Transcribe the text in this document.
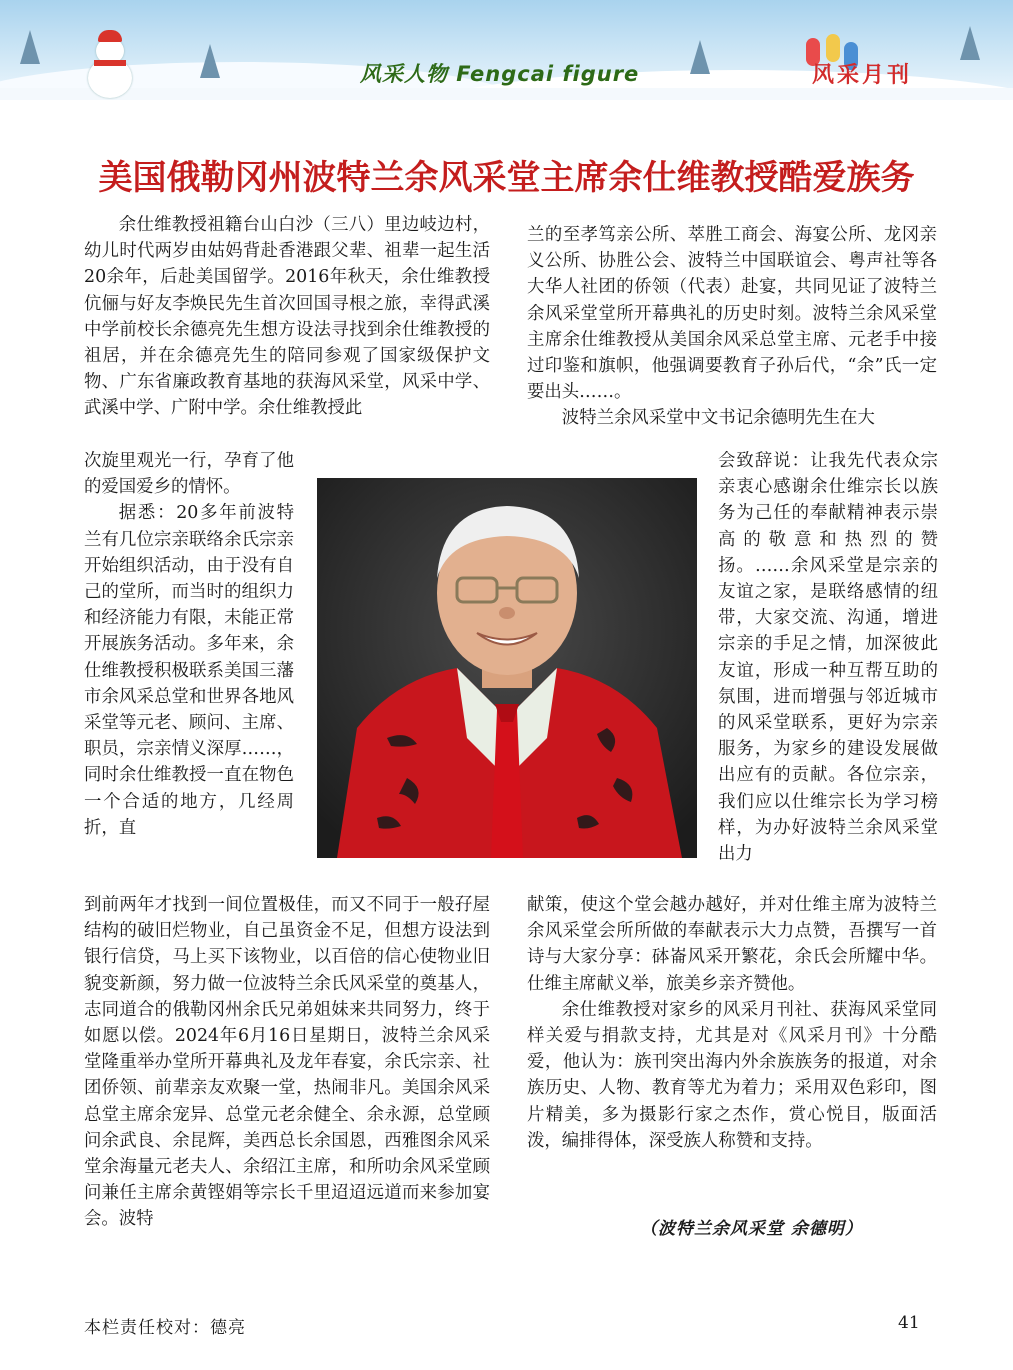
风采人物 Fengcai figure	风采月刊
美国俄勒冈州波特兰余风采堂主席余仕维教授酷爱族务

余仕维教授祖籍台山白沙（三八）里边岐边村，幼儿时代两岁由姑妈背赴香港跟父辈、祖辈一起生活20余年，后赴美国留学。2016年秋天，余仕维教授伉俪与好友李焕民先生首次回国寻根之旅，幸得武溪中学前校长余德亮先生想方设法寻找到余仕维教授的祖居，并在余德亮先生的陪同参观了国家级保护文物、广东省廉政教育基地的获海风采堂，风采中学、武溪中学、广附中学。余仕维教授此

次旋里观光一行，孕育了他的爱国爱乡的情怀。

据悉：20多年前波特兰有几位宗亲联络余氏宗亲开始组织活动，由于没有自己的堂所，而当时的组织力和经济能力有限，未能正常开展族务活动。多年来，余仕维教授积极联系美国三藩市余风采总堂和世界各地风采堂等元老、顾问、主席、职员，宗亲情义深厚……，同时余仕维教授一直在物色一个合适的地方，几经周折，直

到前两年才找到一间位置极佳，而又不同于一般孖屋结构的破旧烂物业，自己虽资金不足，但想方设法到银行信贷，马上买下该物业，以百倍的信心使物业旧貌变新颜，努力做一位波特兰余氏风采堂的奠基人，志同道合的俄勒冈州余氏兄弟姐妹来共同努力，终于如愿以偿。2024年6月16日星期日，波特兰余风采堂隆重举办堂所开幕典礼及龙年春宴，余氏宗亲、社团侨领、前辈亲友欢聚一堂，热闹非凡。美国余风采总堂主席余宠异、总堂元老余健全、余永源，总堂顾问余武良、余昆辉，美西总长余国恩，西雅图余风采堂余海量元老夫人、余绍江主席，和所叻余风采堂顾问兼任主席余黄铿娟等宗长千里迢迢远道而来参加宴会。波特

兰的至孝笃亲公所、萃胜工商会、海宴公所、龙冈亲义公所、协胜公会、波特兰中国联谊会、粤声社等各大华人社团的侨领（代表）赴宴，共同见证了波特兰余风采堂堂所开幕典礼的历史时刻。波特兰余风采堂主席余仕维教授从美国余风采总堂主席、元老手中接过印鉴和旗帜，他强调要教育子孙后代，“余”氏一定要出头……。

波特兰余风采堂中文书记余德明先生在大

会致辞说：让我先代表众宗亲衷心感谢余仕维宗长以族务为己任的奉献精神表示崇高的敬意和热烈的赞扬。……余风采堂是宗亲的友谊之家，是联络感情的纽带，大家交流、沟通，增进宗亲的手足之情，加深彼此友谊，形成一种互帮互助的氛围，进而增强与邻近城市的风采堂联系，更好为宗亲服务，为家乡的建设发展做出应有的贡献。各位宗亲，我们应以仕维宗长为学习榜样，为办好波特兰余风采堂出力

献策，使这个堂会越办越好，并对仕维主席为波特兰余风采堂会所所做的奉献表示大力点赞，吾撰写一首诗与大家分享：砵崙风采开繁花，余氏会所耀中华。仕维主席献义举，旅美乡亲齐赞他。

余仕维教授对家乡的风采月刊社、获海风采堂同样关爱与捐款支持，尤其是对《风采月刊》十分酷爱，他认为：族刊突出海内外余族族务的报道，对余族历史、人物、教育等尤为着力；采用双色彩印，图片精美，多为摄影行家之杰作，赏心悦目，版面活泼，编排得体，深受族人称赞和支持。

（波特兰余风采堂 余德明）
本栏责任校对：德亮	41
